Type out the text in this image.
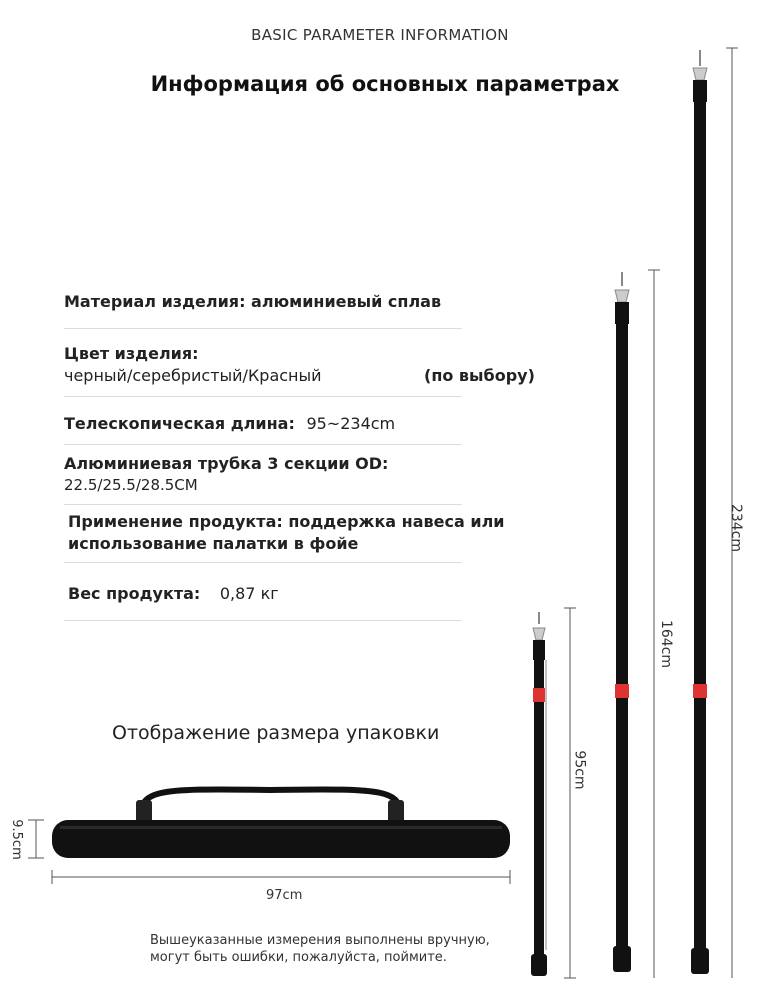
BASIC PARAMETER INFORMATION
Информация об основных параметрах
Материал изделия: алюминиевый сплав
Цвет изделия:
черный/серебристый/Красный	(по выбору)
Телескопическая длина: 95~234cm
Алюминиевая трубка 3 секции OD:
22.5/25.5/28.5CM
Применение продукта: поддержка навеса или
использование палатки в фойе
Вес продукта: 0,87 кг
Отображение размера упаковки
9.5cm
97cm
95cm
164cm
234cm
Вышеуказанные измерения выполнены вручную,
могут быть ошибки, пожалуйста, поймите.
